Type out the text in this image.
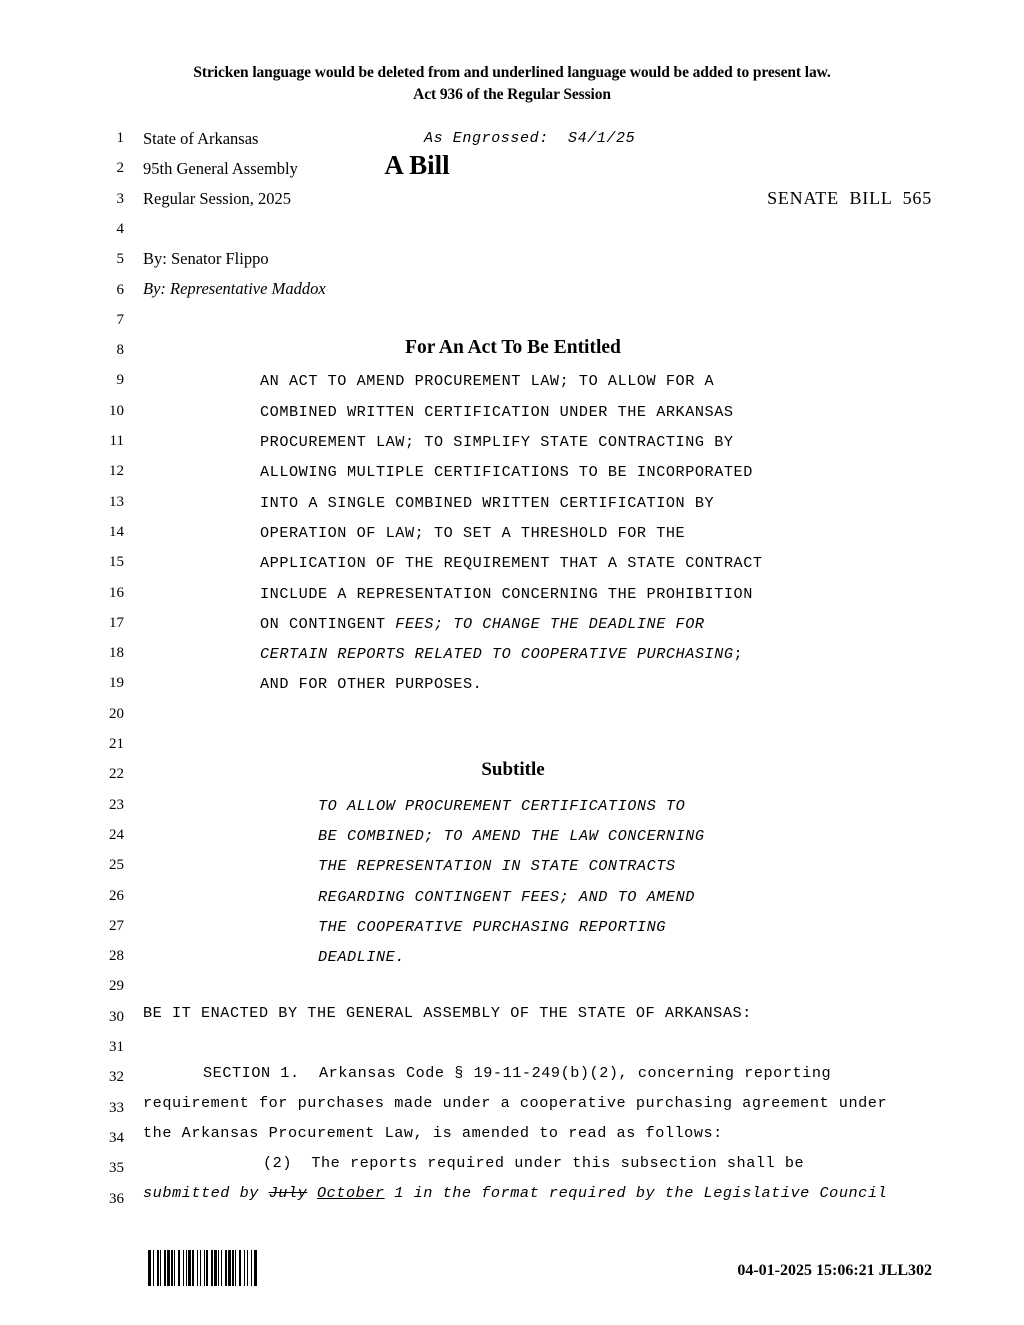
Stricken language would be deleted from and underlined language would be added to present law.
Act 936 of the Regular Session
1
2
3
4
5
6
7
8
9
10
11
12
13
14
15
16
17
18
19
20
21
22
23
24
25
26
27
28
29
30
31
32
33
34
35
36
State of Arkansas
95th General Assembly
Regular Session, 2025
As Engrossed:  S4/1/25
A Bill
SENATE  BILL  565
By: Senator Flippo
By: Representative Maddox
For An Act To Be Entitled
AN ACT TO AMEND PROCUREMENT LAW; TO ALLOW FOR A
COMBINED WRITTEN CERTIFICATION UNDER THE ARKANSAS
PROCUREMENT LAW; TO SIMPLIFY STATE CONTRACTING BY
ALLOWING MULTIPLE CERTIFICATIONS TO BE INCORPORATED
INTO A SINGLE COMBINED WRITTEN CERTIFICATION BY
OPERATION OF LAW; TO SET A THRESHOLD FOR THE
APPLICATION OF THE REQUIREMENT THAT A STATE CONTRACT
INCLUDE A REPRESENTATION CONCERNING THE PROHIBITION
ON CONTINGENT FEES; TO CHANGE THE DEADLINE FOR
CERTAIN REPORTS RELATED TO COOPERATIVE PURCHASING;
AND FOR OTHER PURPOSES.
Subtitle
TO ALLOW PROCUREMENT CERTIFICATIONS TO
BE COMBINED; TO AMEND THE LAW CONCERNING
THE REPRESENTATION IN STATE CONTRACTS
REGARDING CONTINGENT FEES; AND TO AMEND
THE COOPERATIVE PURCHASING REPORTING
DEADLINE.
BE IT ENACTED BY THE GENERAL ASSEMBLY OF THE STATE OF ARKANSAS:
SECTION 1.  Arkansas Code § 19-11-249(b)(2), concerning reporting
requirement for purchases made under a cooperative purchasing agreement under
the Arkansas Procurement Law, is amended to read as follows:
(2)  The reports required under this subsection shall be
submitted by July October 1 in the format required by the Legislative Council
04-01-2025 15:06:21 JLL302
